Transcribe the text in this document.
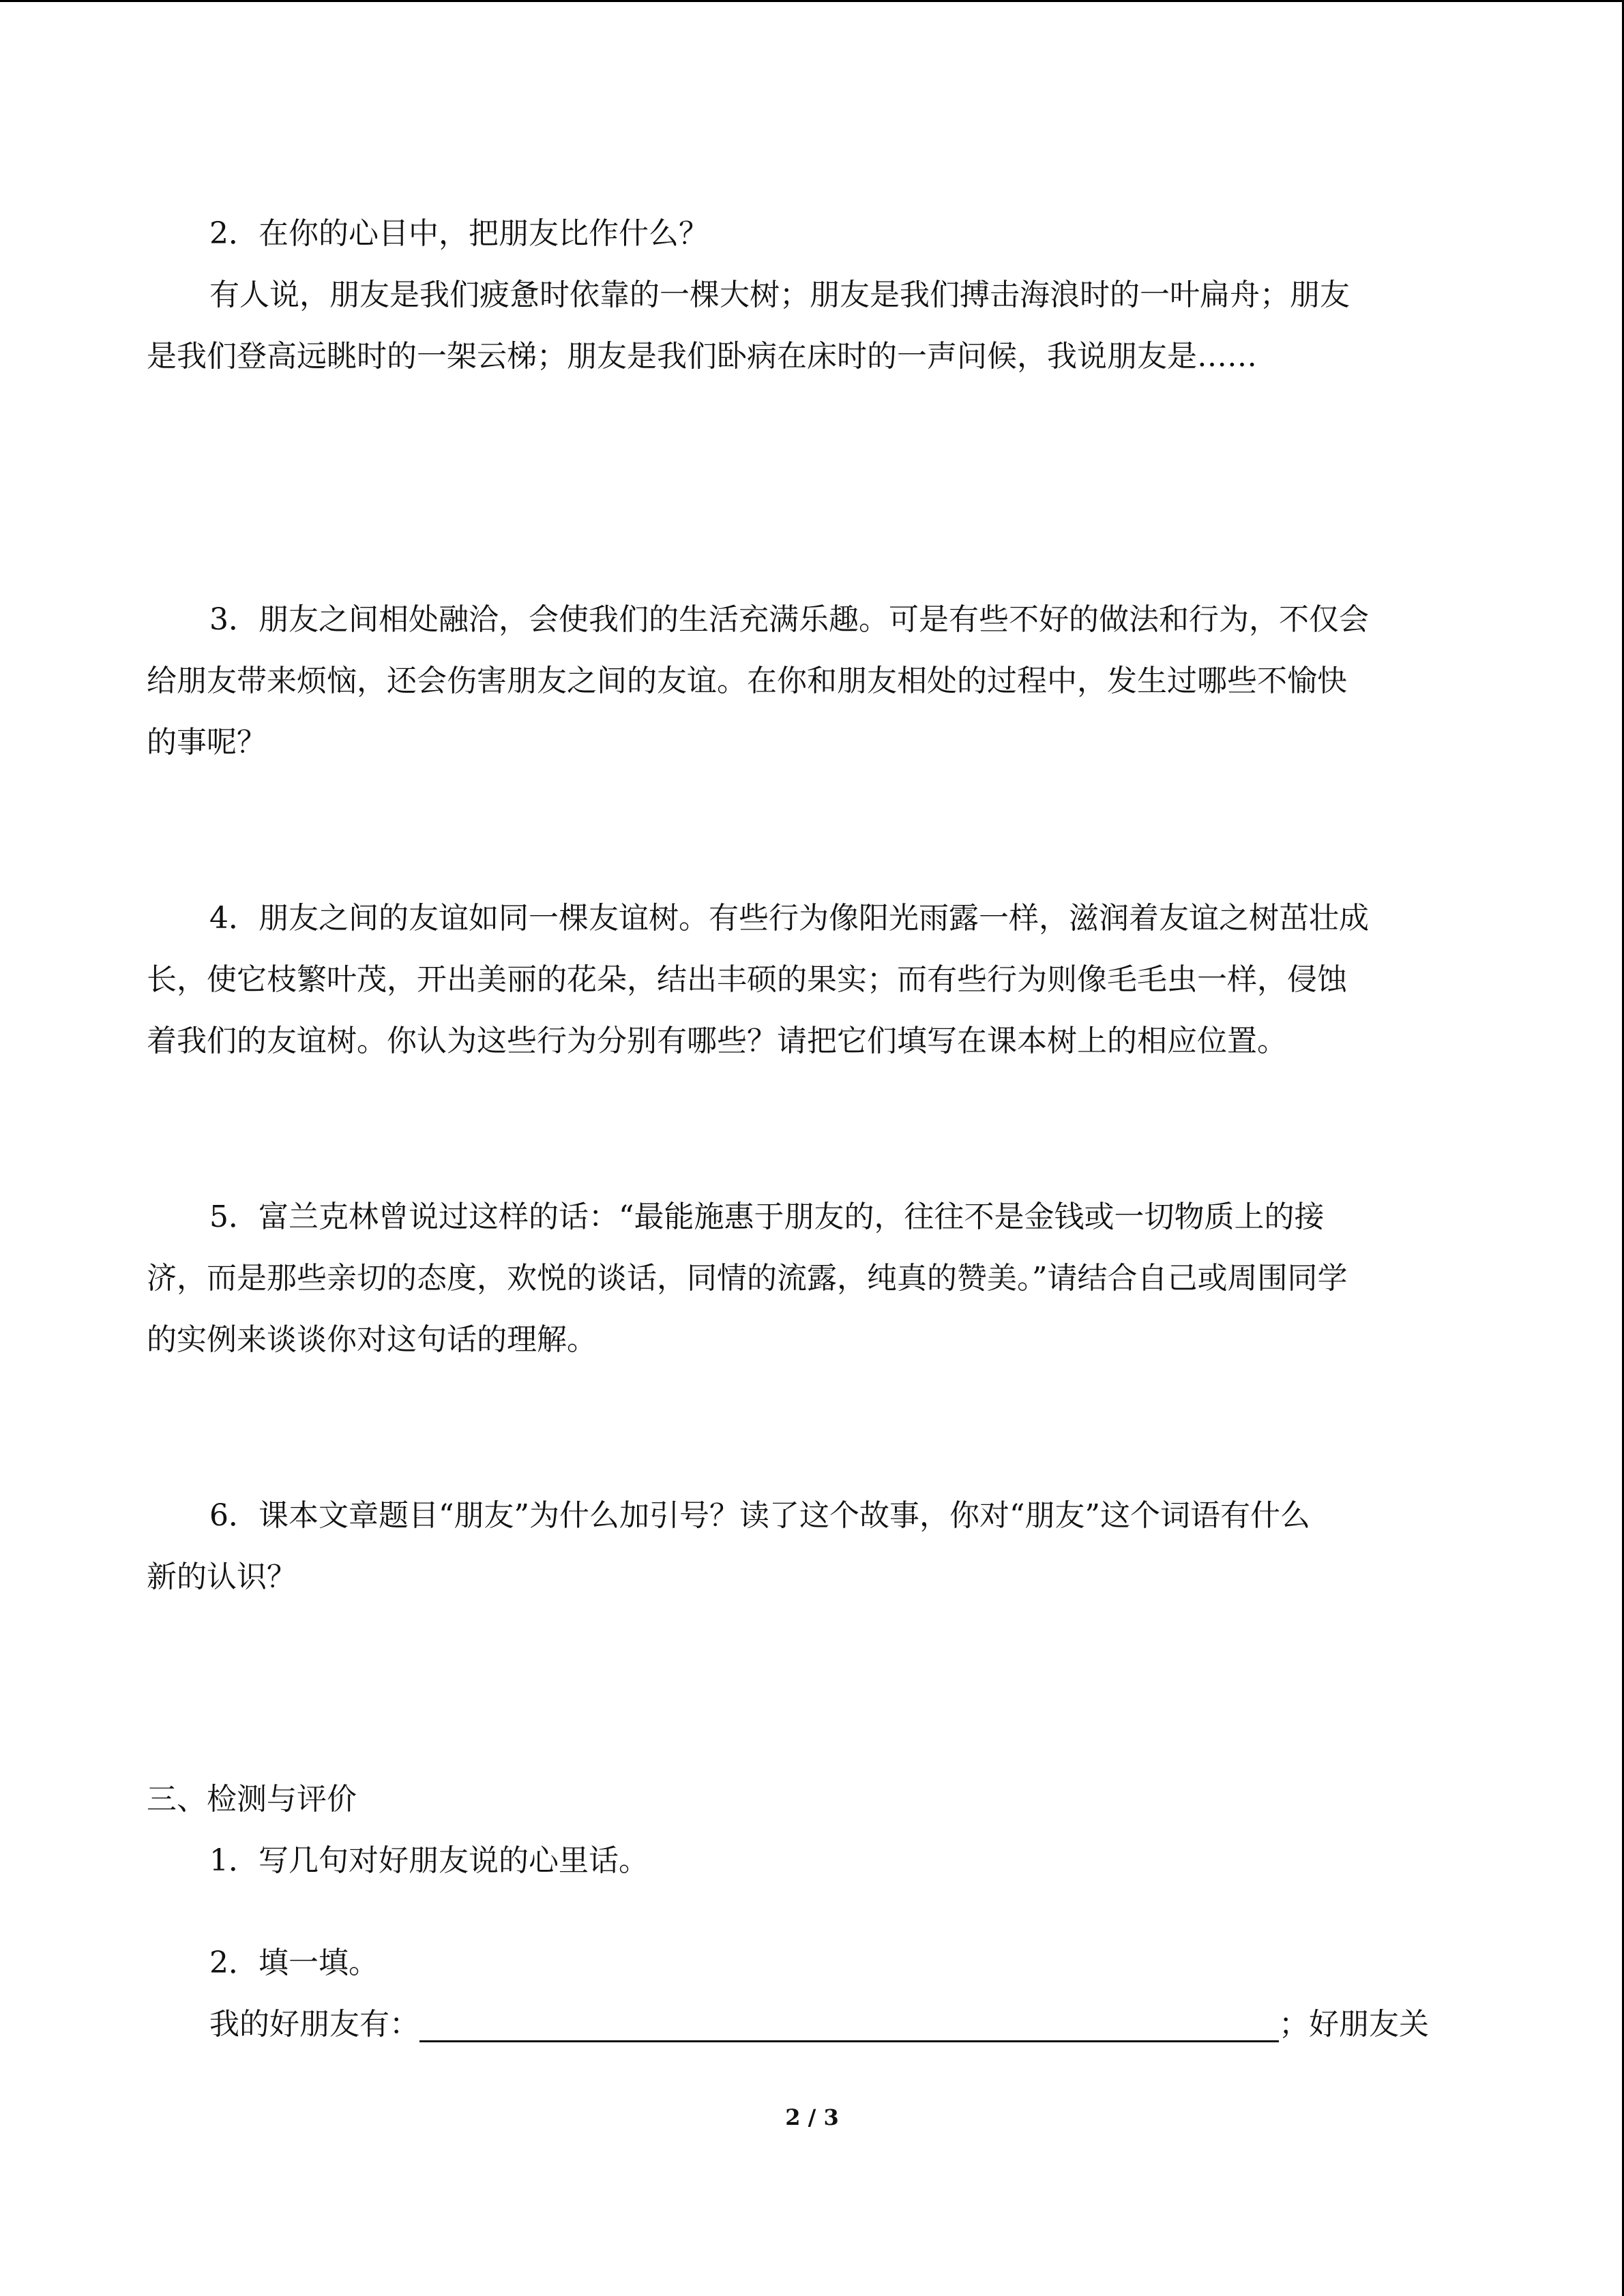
2．在你的心目中，把朋友比作什么？

有人说，朋友是我们疲惫时依靠的一棵大树；朋友是我们搏击海浪时的一叶扁舟；朋友

是我们登高远眺时的一架云梯；朋友是我们卧病在床时的一声问候，我说朋友是……

3．朋友之间相处融洽，会使我们的生活充满乐趣。可是有些不好的做法和行为，不仅会

给朋友带来烦恼，还会伤害朋友之间的友谊。在你和朋友相处的过程中，发生过哪些不愉快

的事呢？

4．朋友之间的友谊如同一棵友谊树。有些行为像阳光雨露一样，滋润着友谊之树茁壮成

长，使它枝繁叶茂，开出美丽的花朵，结出丰硕的果实；而有些行为则像毛毛虫一样，侵蚀

着我们的友谊树。你认为这些行为分别有哪些？请把它们填写在课本树上的相应位置。

5．富兰克林曾说过这样的话：“最能施惠于朋友的，往往不是金钱或一切物质上的接

济，而是那些亲切的态度，欢悦的谈话，同情的流露，纯真的赞美。”请结合自己或周围同学

的实例来谈谈你对这句话的理解。

6．课本文章题目“朋友”为什么加引号？读了这个故事，你对“朋友”这个词语有什么

新的认识？

三、检测与评价

1．写几句对好朋友说的心里话。

2．填一填。

我的好朋友有：	；好朋友关

2 / 3
